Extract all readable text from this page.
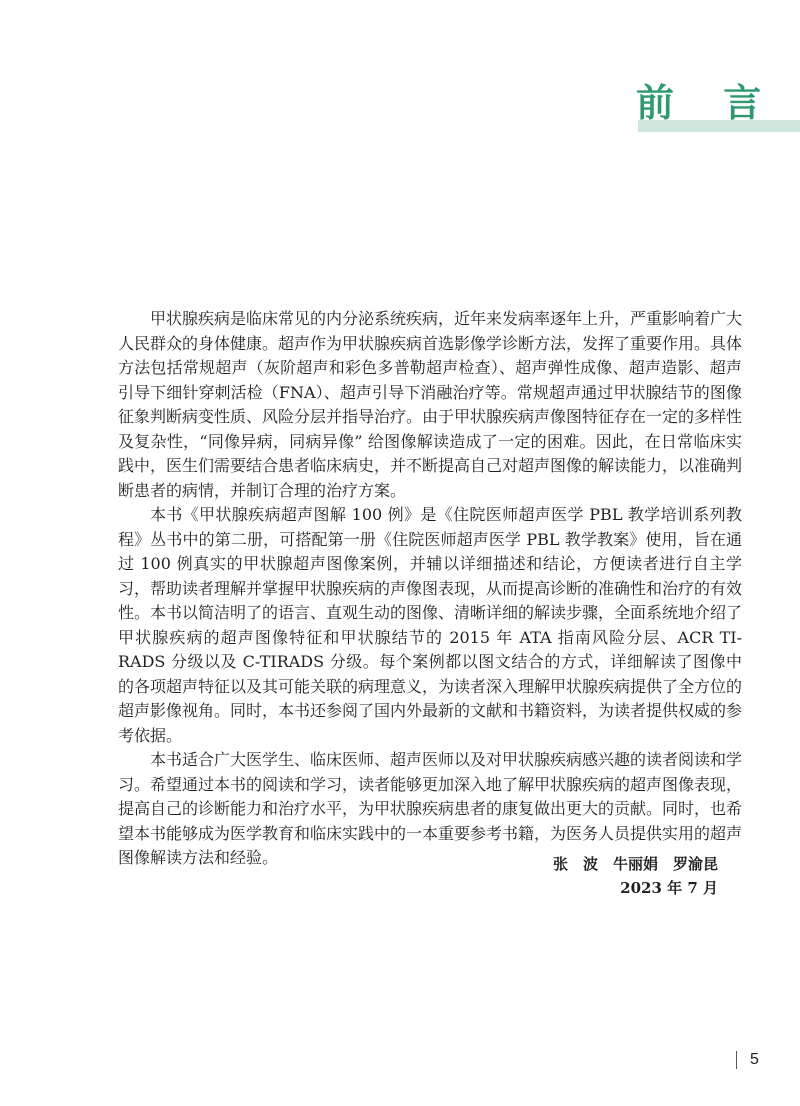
前 言

甲状腺疾病是临床常见的内分泌系统疾病，近年来发病率逐年上升，严重影响着广大人民群众的身体健康。超声作为甲状腺疾病首选影像学诊断方法，发挥了重要作用。具体方法包括常规超声（灰阶超声和彩色多普勒超声检查）、超声弹性成像、超声造影、超声引导下细针穿刺活检（FNA）、超声引导下消融治疗等。常规超声通过甲状腺结节的图像征象判断病变性质、风险分层并指导治疗。由于甲状腺疾病声像图特征存在一定的多样性及复杂性，“同像异病，同病异像” 给图像解读造成了一定的困难。因此，在日常临床实践中，医生们需要结合患者临床病史，并不断提高自己对超声图像的解读能力，以准确判断患者的病情，并制订合理的治疗方案。

本书《甲状腺疾病超声图解 100 例》是《住院医师超声医学 PBL 教学培训系列教程》丛书中的第二册，可搭配第一册《住院医师超声医学 PBL 教学教案》使用，旨在通过 100 例真实的甲状腺超声图像案例，并辅以详细描述和结论，方便读者进行自主学习，帮助读者理解并掌握甲状腺疾病的声像图表现，从而提高诊断的准确性和治疗的有效性。本书以简洁明了的语言、直观生动的图像、清晰详细的解读步骤，全面系统地介绍了甲状腺疾病的超声图像特征和甲状腺结节的 2015 年 ATA 指南风险分层、ACR TI-RADS 分级以及 C-TIRADS 分级。每个案例都以图文结合的方式，详细解读了图像中的各项超声特征以及其可能关联的病理意义，为读者深入理解甲状腺疾病提供了全方位的超声影像视角。同时，本书还参阅了国内外最新的文献和书籍资料，为读者提供权威的参考依据。

本书适合广大医学生、临床医师、超声医师以及对甲状腺疾病感兴趣的读者阅读和学习。希望通过本书的阅读和学习，读者能够更加深入地了解甲状腺疾病的超声图像表现，提高自己的诊断能力和治疗水平，为甲状腺疾病患者的康复做出更大的贡献。同时，也希望本书能够成为医学教育和临床实践中的一本重要参考书籍，为医务人员提供实用的超声图像解读方法和经验。	张　波　牛丽娟　罗渝昆
2023 年 7 月
5
